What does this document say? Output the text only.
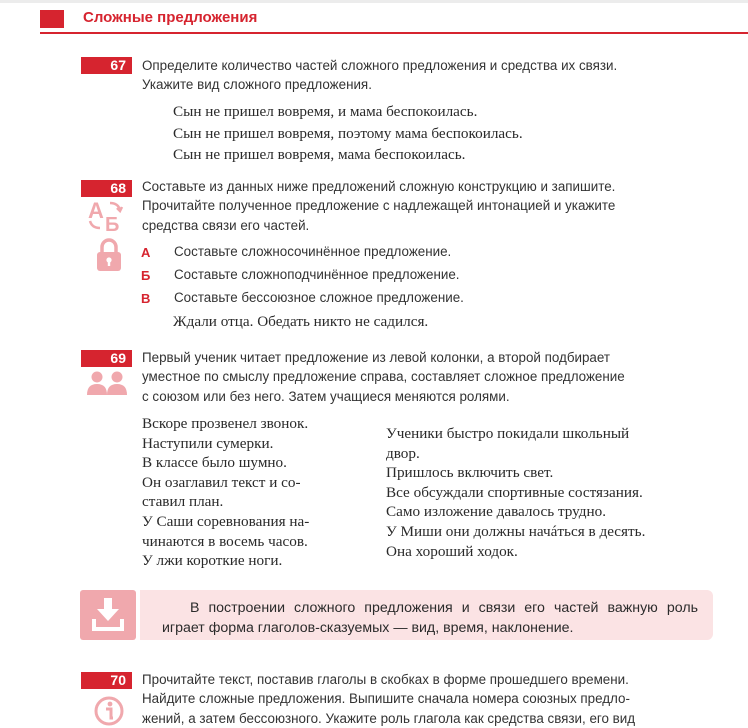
Сложные предложения
67	Определите количество частей сложного предложения и средства их связи.
Укажите вид сложного предложения.
Сын не пришел вовремя, и мама беспокоилась.
Сын не пришел вовремя, поэтому мама беспокоилась.
Сын не пришел вовремя, мама беспокоилась.
68	Составьте из данных ниже предложений сложную конструкцию и запишите.
Прочитайте полученное предложение с надлежащей интонацией и укажите
средства связи его частей.
A
Б
А Составьте сложносочинённое предложение.
Б Составьте сложноподчинённое предложение.
В Составьте бессоюзное сложное предложение.
Ждали отца. Обедать никто не садился.
69	Первый ученик читает предложение из левой колонки, а второй подбирает
уместное по смыслу предложение справа, составляет сложное предложение
с союзом или без него. Затем учащиеся меняются ролями.
Вскоре прозвенел звонок.
Наступили сумерки.
В классе было шумно.
Он озаглавил текст и со-
ставил план.
У Саши соревнования на-
чинаются в восемь часов.
У лжи короткие ноги.
Ученики быстро покидали школьный
двор.
Пришлось включить свет.
Все обсуждали спортивные состязания.
Само изложение давалось трудно.
У Миши они должны начáться в десять.
Она хороший ходок.
В построении сложного предложения и связи его частей важную роль играет форма глаголов-сказуемых — вид, время, наклонение.
70	Прочитайте текст, поставив глаголы в скобках в форме прошедшего времени.
Найдите сложные предложения. Выпишите сначала номера союзных предло-
жений, а затем бессоюзного. Укажите роль глагола как средства связи, его вид
